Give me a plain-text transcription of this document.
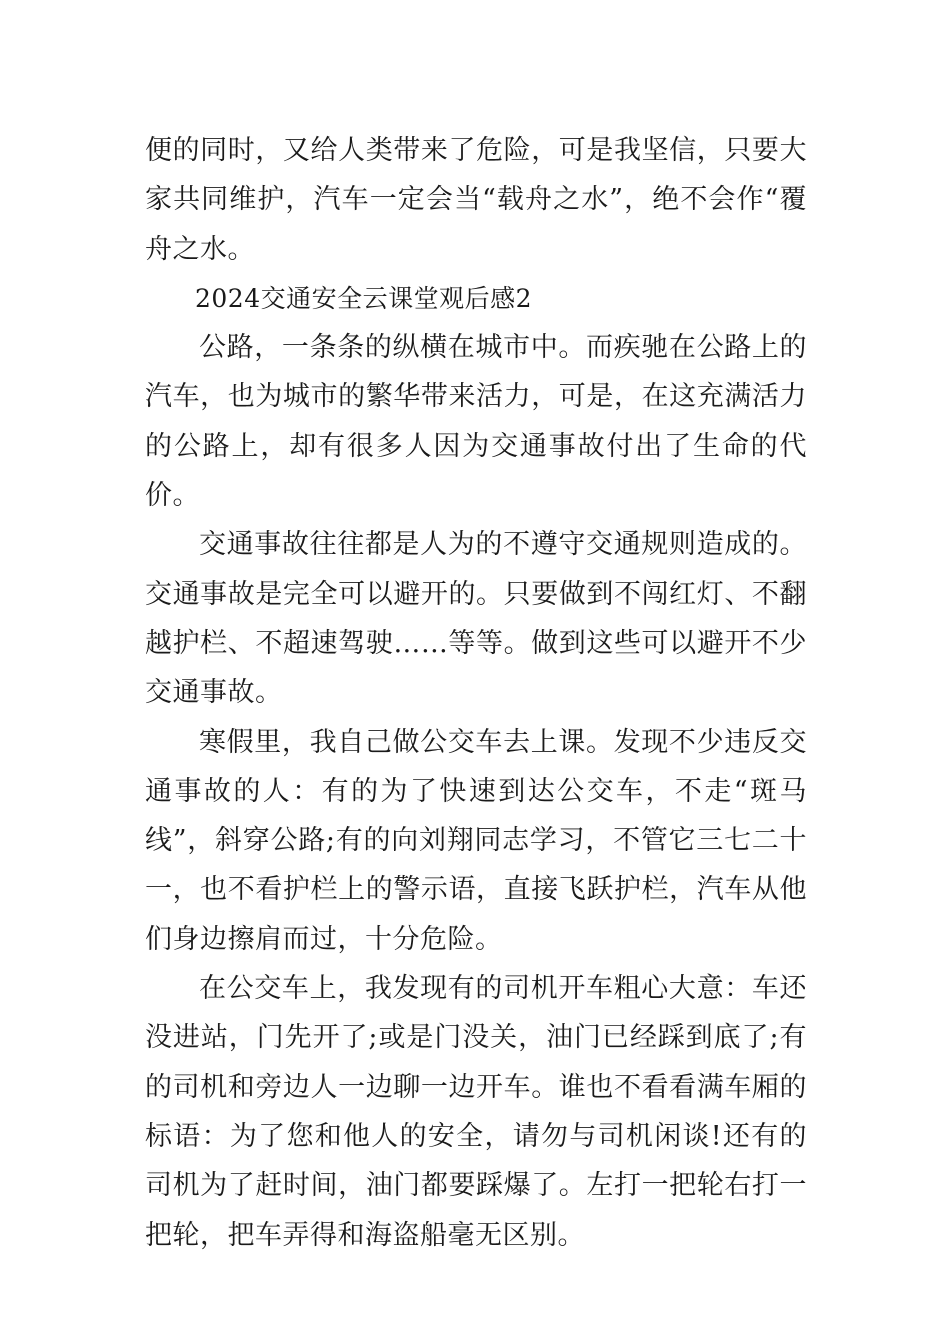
便的同时，又给人类带来了危险，可是我坚信，只要大家共同维护，汽车一定会当“载舟之水”，绝不会作“覆舟之水。

2024交通安全云课堂观后感2

公路，一条条的纵横在城市中。而疾驰在公路上的汽车，也为城市的繁华带来活力，可是，在这充满活力的公路上，却有很多人因为交通事故付出了生命的代价。

交通事故往往都是人为的不遵守交通规则造成的。交通事故是完全可以避开的。只要做到不闯红灯、不翻越护栏、不超速驾驶……等等。做到这些可以避开不少交通事故。

寒假里，我自己做公交车去上课。发现不少违反交通事故的人：有的为了快速到达公交车，不走“斑马线”，斜穿公路;有的向刘翔同志学习，不管它三七二十一，也不看护栏上的警示语，直接飞跃护栏，汽车从他们身边擦肩而过，十分危险。

在公交车上，我发现有的司机开车粗心大意：车还没进站，门先开了;或是门没关，油门已经踩到底了;有的司机和旁边人一边聊一边开车。谁也不看看满车厢的标语：为了您和他人的安全，请勿与司机闲谈!还有的司机为了赶时间，油门都要踩爆了。左打一把轮右打一把轮，把车弄得和海盗船毫无区别。
